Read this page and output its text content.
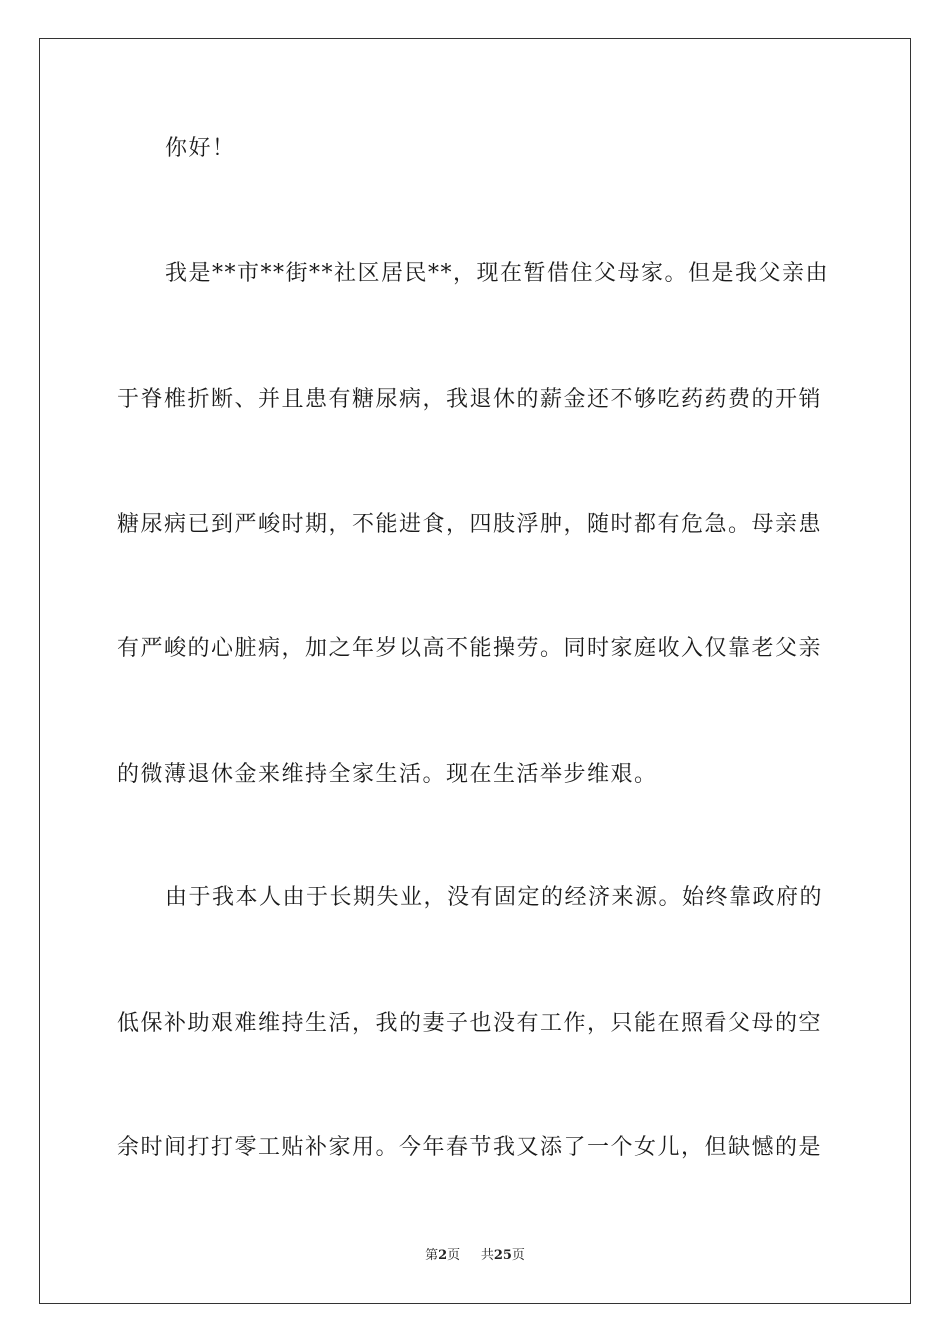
你好！
我是**市**街**社区居民**，现在暂借住父母家。但是我父亲由
于脊椎折断、并且患有糖尿病，我退休的薪金还不够吃药药费的开销
糖尿病已到严峻时期，不能进食，四肢浮肿，随时都有危急。母亲患
有严峻的心脏病，加之年岁以高不能操劳。同时家庭收入仅靠老父亲
的微薄退休金来维持全家生活。现在生活举步维艰。
由于我本人由于长期失业，没有固定的经济来源。始终靠政府的
低保补助艰难维持生活，我的妻子也没有工作，只能在照看父母的空
余时间打打零工贴补家用。今年春节我又添了一个女儿，但缺憾的是
第2页 共25页
